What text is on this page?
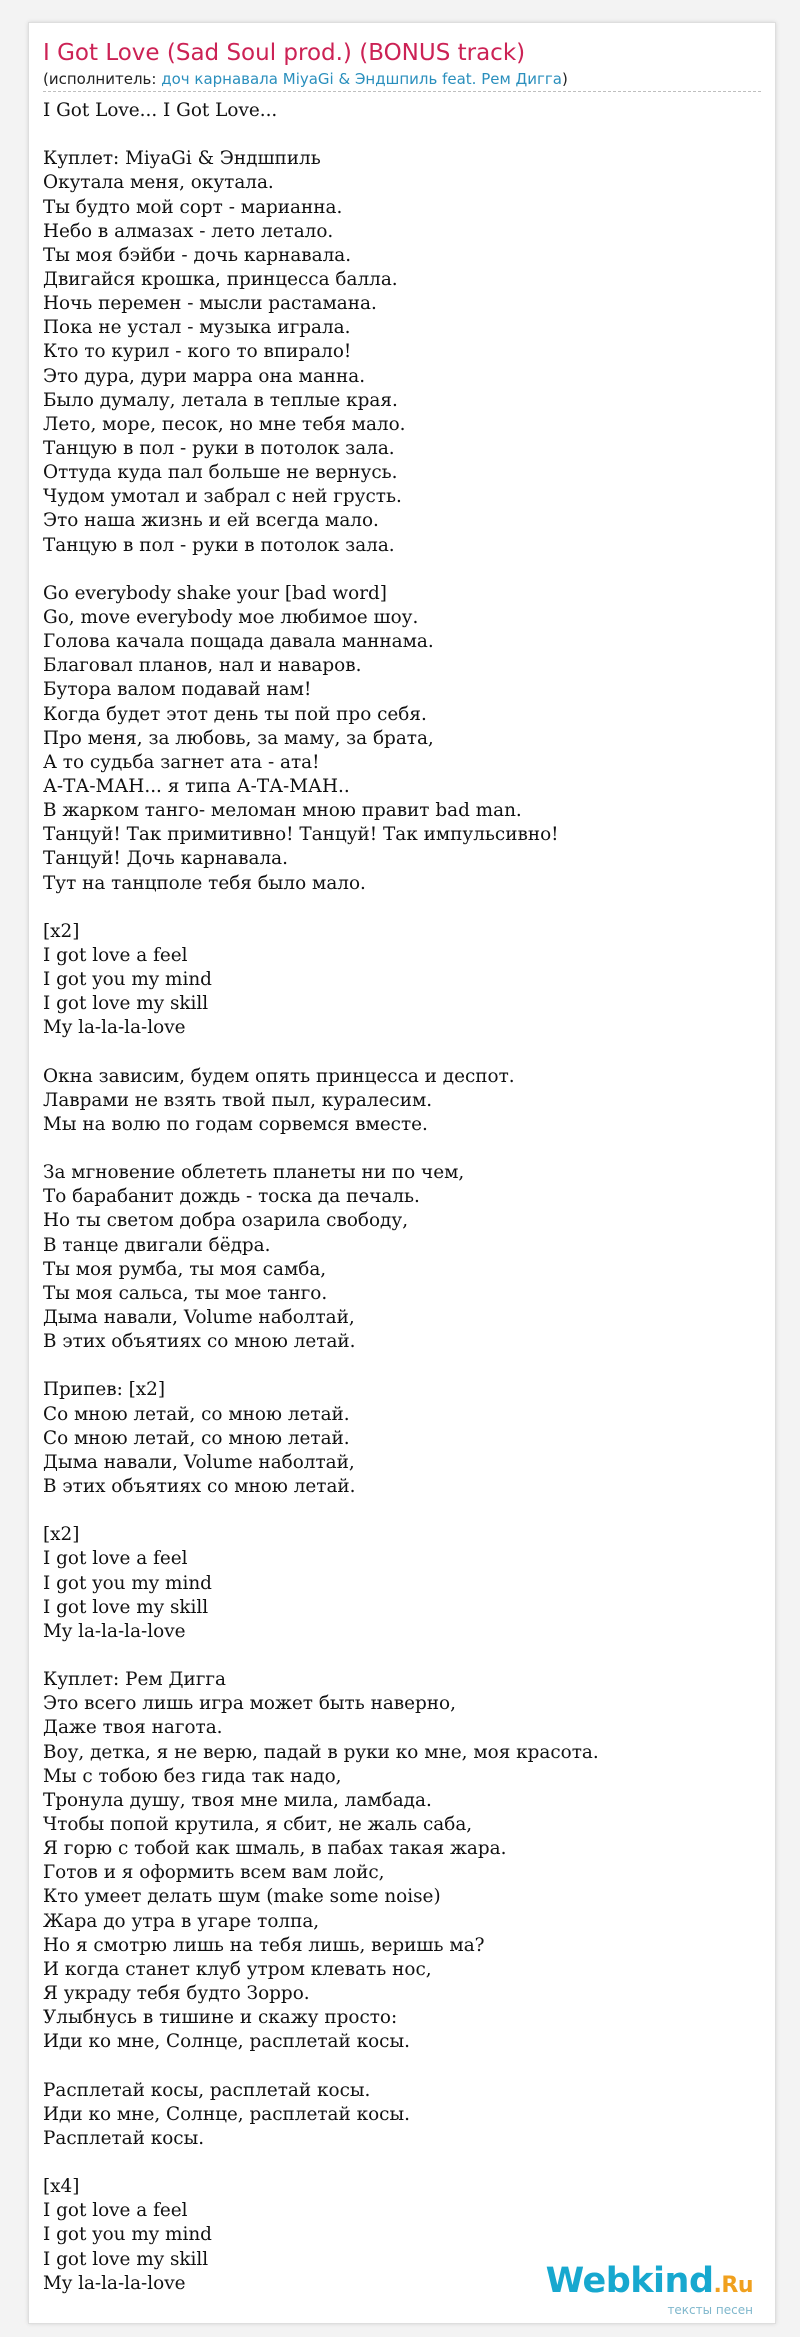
I Got Love (Sad Soul prod.) (BONUS track)
(исполнитель: доч карнавала MiyaGi & Эндшпиль feat. Рем Дигга)
I Got Love... I Got Love...
Куплет: MiyaGi & Эндшпиль
Окутала меня, окутала.
Ты будто мой сорт - марианна.
Небо в алмазах - лето летало.
Ты моя бэйби - дочь карнавала.
Двигайся крошка, принцесса балла.
Ночь перемен - мысли растамана.
Пока не устал - музыка играла.
Кто то курил - кого то впирало!
Это дура, дури марра она манна.
Было думалу, летала в теплые края.
Лето, море, песок, но мне тебя мало.
Танцую в пол - руки в потолок зала.
Оттуда куда пал больше не вернусь.
Чудом умотал и забрал с ней грусть.
Это наша жизнь и ей всегда мало.
Танцую в пол - руки в потолок зала.
Go everybody shake your [bad word]
Go, move everybody мое любимое шоу.
Голова качала пощада давала маннама.
Благовал планов, нал и наваров.
Бутора валом подавай нам!
Когда будет этот день ты пой про себя.
Про меня, за любовь, за маму, за брата,
А то судьба загнет ата - ата!
А-ТА-МАН... я типа А-ТА-МАН..
В жарком танго- меломан мною правит bad man.
Танцуй! Так примитивно! Танцуй! Так импульсивно!
Танцуй! Дочь карнавала.
Тут на танцполе тебя было мало.
[x2]
I got love a feel
I got you my mind
I got love my skill
My la-la-la-love
Окна зависим, будем опять принцесса и деспот.
Лаврами не взять твой пыл, куралесим.
Мы на волю по годам сорвемся вместе.
За мгновение облететь планеты ни по чем,
То барабанит дождь - тоска да печаль.
Но ты светом добра озарила свободу,
В танце двигали бёдра.
Ты моя румба, ты моя самба,
Ты моя сальса, ты мое танго.
Дыма навали, Volume наболтай,
В этих объятиях со мною летай.
Припев: [x2]
Со мною летай, со мною летай.
Со мною летай, со мною летай.
Дыма навали, Volume наболтай,
В этих объятиях со мною летай.
[x2]
I got love a feel
I got you my mind
I got love my skill
My la-la-la-love
Куплет: Рем Дигга
Это всего лишь игра может быть наверно,
Даже твоя нагота.
Воу, детка, я не верю, падай в руки ко мне, моя красота.
Мы с тобою без гида так надо,
Тронула душу, твоя мне мила, ламбада.
Чтобы попой крутила, я сбит, не жаль саба,
Я горю с тобой как шмаль, в пабах такая жара.
Готов и я оформить всем вам лойс,
Кто умеет делать шум (make some noise)
Жара до утра в угаре толпа,
Но я смотрю лишь на тебя лишь, веришь ма?
И когда станет клуб утром клевать нос,
Я украду тебя будто Зорро.
Улыбнусь в тишине и скажу просто:
Иди ко мне, Солнце, расплетай косы.
Расплетай косы, расплетай косы.
Иди ко мне, Солнце, расплетай косы.
Расплетай косы.
[x4]
I got love a feel
I got you my mind
I got love my skill
My la-la-la-love	Webkind.Ru
тексты песен
